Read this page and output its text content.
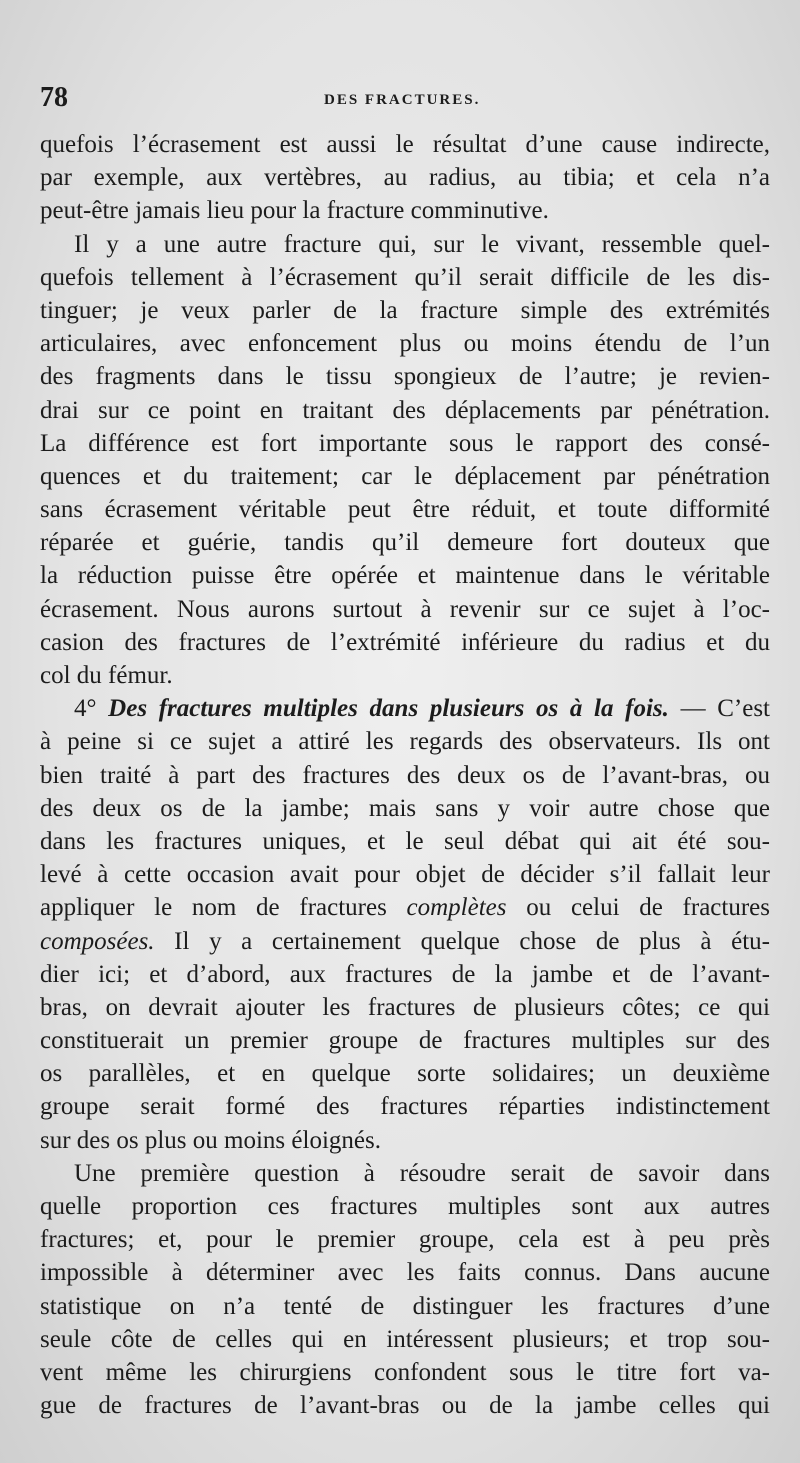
78	DES FRACTURES.
quefois l’écrasement est aussi le résultat d’une cause indirecte,
par exemple, aux vertèbres, au radius, au tibia; et cela n’a
peut-être jamais lieu pour la fracture comminutive.
Il y a une autre fracture qui, sur le vivant, ressemble quel-
quefois tellement à l’écrasement qu’il serait difficile de les dis-
tinguer; je veux parler de la fracture simple des extrémités
articulaires, avec enfoncement plus ou moins étendu de l’un
des fragments dans le tissu spongieux de l’autre; je revien-
drai sur ce point en traitant des déplacements par pénétration.
La différence est fort importante sous le rapport des consé-
quences et du traitement; car le déplacement par pénétration
sans écrasement véritable peut être réduit, et toute difformité
réparée et guérie, tandis qu’il demeure fort douteux que
la réduction puisse être opérée et maintenue dans le véritable
écrasement. Nous aurons surtout à revenir sur ce sujet à l’oc-
casion des fractures de l’extrémité inférieure du radius et du
col du fémur.
4° Des fractures multiples dans plusieurs os à la fois. — C’est
à peine si ce sujet a attiré les regards des observateurs. Ils ont
bien traité à part des fractures des deux os de l’avant-bras, ou
des deux os de la jambe; mais sans y voir autre chose que
dans les fractures uniques, et le seul débat qui ait été sou-
levé à cette occasion avait pour objet de décider s’il fallait leur
appliquer le nom de fractures complètes ou celui de fractures
composées. Il y a certainement quelque chose de plus à étu-
dier ici; et d’abord, aux fractures de la jambe et de l’avant-
bras, on devrait ajouter les fractures de plusieurs côtes; ce qui
constituerait un premier groupe de fractures multiples sur des
os parallèles, et en quelque sorte solidaires; un deuxième
groupe serait formé des fractures réparties indistinctement
sur des os plus ou moins éloignés.
Une première question à résoudre serait de savoir dans
quelle proportion ces fractures multiples sont aux autres
fractures; et, pour le premier groupe, cela est à peu près
impossible à déterminer avec les faits connus. Dans aucune
statistique on n’a tenté de distinguer les fractures d’une
seule côte de celles qui en intéressent plusieurs; et trop sou-
vent même les chirurgiens confondent sous le titre fort va-
gue de fractures de l’avant-bras ou de la jambe celles qui
